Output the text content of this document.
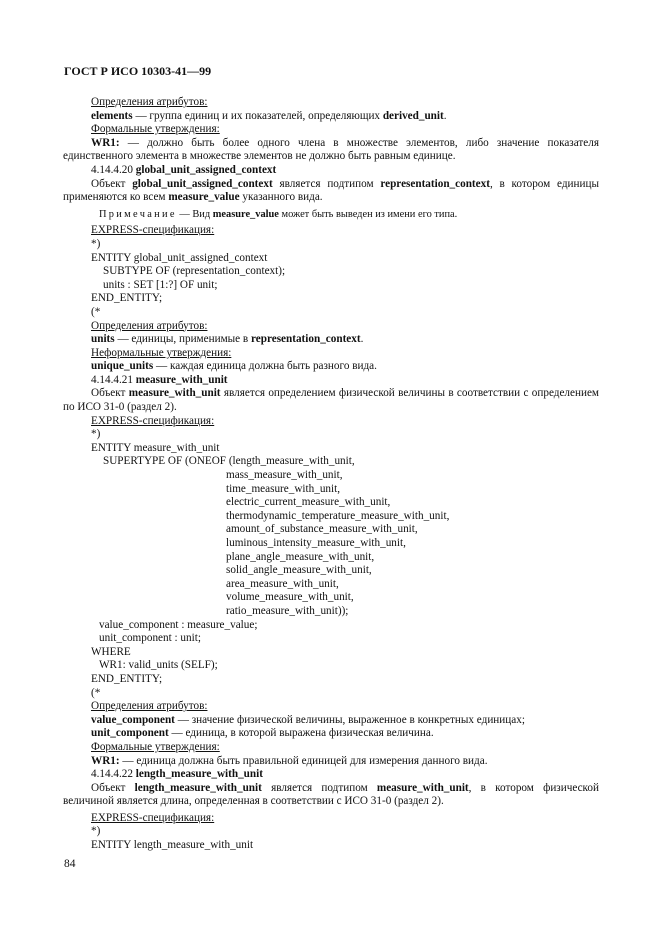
ГОСТ Р ИСО 10303-41—99

Определения атрибутов:

elements — группа единиц и их показателей, определяющих derived_unit.

Формальные утверждения:

WR1: — должно быть более одного члена в множестве элементов, либо значение показателя единственного элемента в множестве элементов не должно быть равным единице.

4.14.4.20 global_unit_assigned_context

Объект global_unit_assigned_context является подтипом representation_context, в котором единицы применяются ко всем measure_value указанного вида.

Примечание — Вид measure_value может быть выведен из имени его типа.

EXPRESS-спецификация:

*)

ENTITY global_unit_assigned_context

SUBTYPE OF (representation_context);

units : SET [1:?] OF unit;

END_ENTITY;

(*

Определения атрибутов:

units — единицы, применимые в representation_context.

Неформальные утверждения:

unique_units — каждая единица должна быть разного вида.

4.14.4.21 measure_with_unit

Объект measure_with_unit является определением физической величины в соответствии с определением по ИСО 31-0 (раздел 2).

EXPRESS-спецификация:

*)

ENTITY measure_with_unit

SUPERTYPE OF (ONEOF (length_measure_with_unit,

mass_measure_with_unit,

time_measure_with_unit,

electric_current_measure_with_unit,

thermodynamic_temperature_measure_with_unit,

amount_of_substance_measure_with_unit,

luminous_intensity_measure_with_unit,

plane_angle_measure_with_unit,

solid_angle_measure_with_unit,

area_measure_with_unit,

volume_measure_with_unit,

ratio_measure_with_unit));

value_component : measure_value;

unit_component : unit;

WHERE

WR1: valid_units (SELF);

END_ENTITY;

(*

Определения атрибутов:

value_component — значение физической величины, выраженное в конкретных единицах;

unit_component — единица, в которой выражена физическая величина.

Формальные утверждения:

WR1: — единица должна быть правильной единицей для измерения данного вида.

4.14.4.22 length_measure_with_unit

Объект length_measure_with_unit является подтипом measure_with_unit, в котором физической величиной является длина, определенная в соответствии с ИСО 31-0 (раздел 2).

EXPRESS-спецификация:

*)

ENTITY length_measure_with_unit

84
